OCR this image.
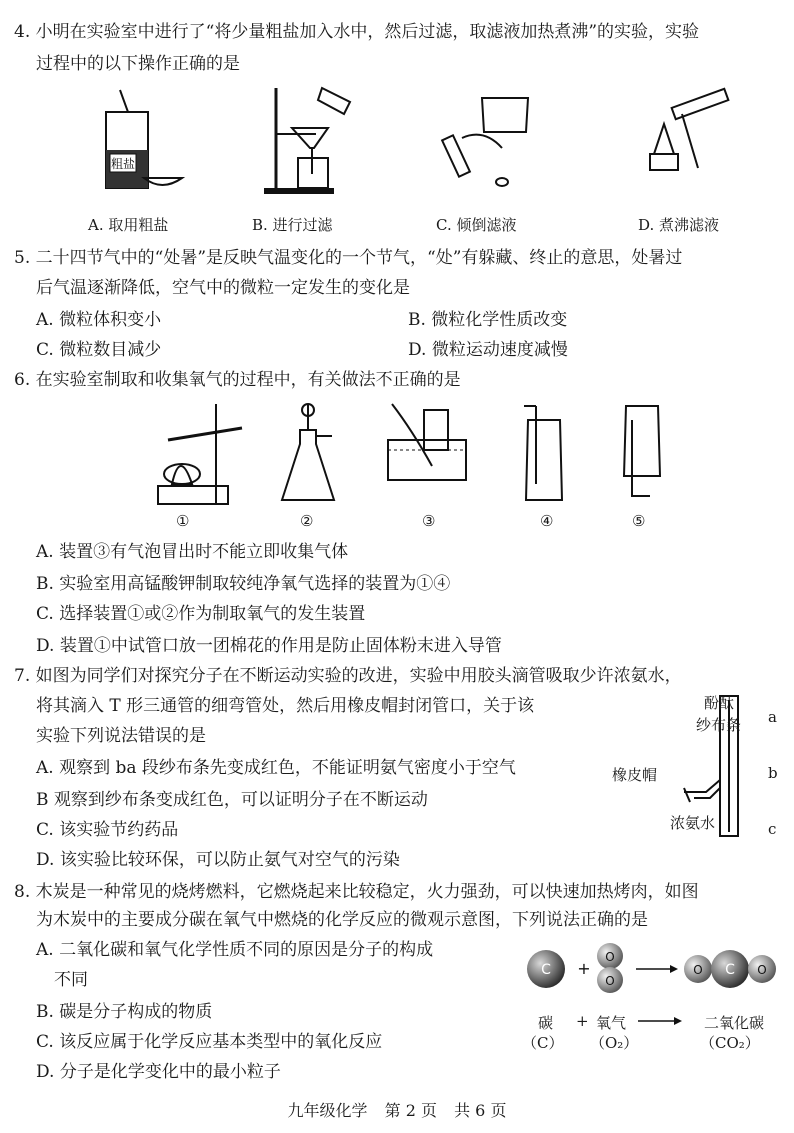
4. 小明在实验室中进行了“将少量粗盐加入水中，然后过滤，取滤液加热煮沸”的实验，实验
过程中的以下操作正确的是
粗盐
A. 取用粗盐	B. 进行过滤	C. 倾倒滤液	D. 煮沸滤液
5. 二十四节气中的“处暑”是反映气温变化的一个节气，“处”有躲藏、终止的意思，处暑过
后气温逐渐降低，空气中的微粒一定发生的变化是
A. 微粒体积变小	B. 微粒化学性质改变
C. 微粒数目减少	D. 微粒运动速度减慢
6. 在实验室制取和收集氧气的过程中，有关做法不正确的是
①	②	③	④	⑤
A. 装置③有气泡冒出时不能立即收集气体
B. 实验室用高锰酸钾制取较纯净氧气选择的装置为①④
C. 选择装置①或②作为制取氧气的发生装置
D. 装置①中试管口放一团棉花的作用是防止固体粉末进入导管
7. 如图为同学们对探究分子在不断运动实验的改进，实验中用胶头滴管吸取少许浓氨水，
将其滴入 T 形三通管的细弯管处，然后用橡皮帽封闭管口，关于该
实验下列说法错误的是
A. 观察到 ba 段纱布条先变成红色，不能证明氨气密度小于空气
B 观察到纱布条变成红色，可以证明分子在不断运动
C. 该实验节约药品
D. 该实验比较环保，可以防止氨气对空气的污染
酚酞
纱布条
橡皮帽
浓氨水
a
b
c
8. 木炭是一种常见的烧烤燃料，它燃烧起来比较稳定，火力强劲，可以快速加热烤肉，如图
为木炭中的主要成分碳在氧气中燃烧的化学反应的微观示意图，下列说法正确的是
A. 二氧化碳和氧气化学性质不同的原因是分子的构成
不同
B. 碳是分子构成的物质
C. 该反应属于化学反应基本类型中的氧化反应
D. 分子是化学变化中的最小粒子
C +
O
O
O C O
碳
（C）
+ 氧气
（O₂）
二氧化碳
（CO₂）
九年级化学 第 2 页 共 6 页
